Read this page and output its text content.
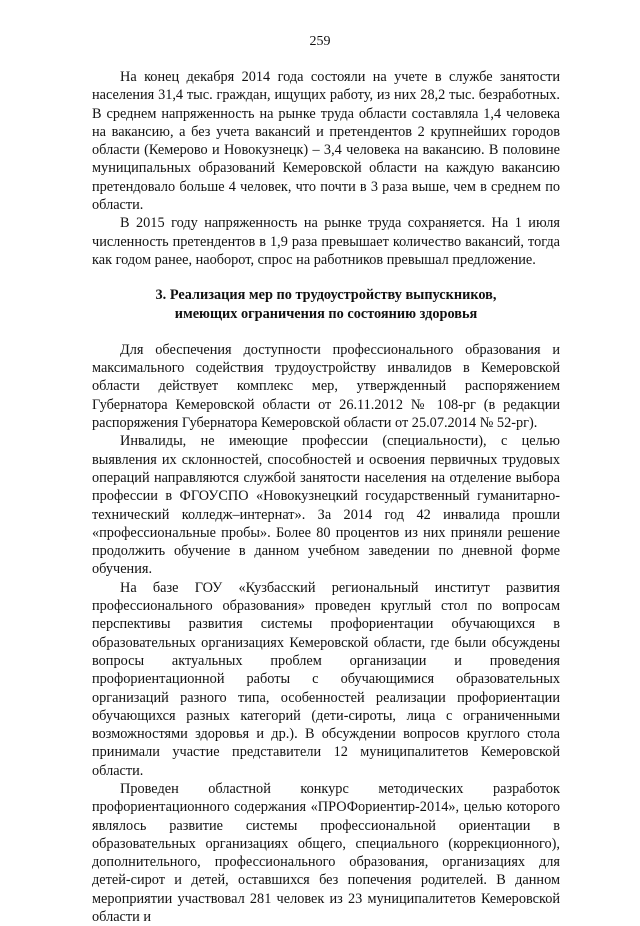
259

На конец декабря 2014 года состояли на учете в службе занятости населения 31,4 тыс. граждан, ищущих работу, из них 28,2 тыс. безработных. В среднем напряженность на рынке труда области составляла 1,4 человека на вакансию, а без учета вакансий и претендентов 2 крупнейших городов области (Кемерово и Новокузнецк) – 3,4 человека на вакансию. В половине муниципальных образований Кемеровской области на каждую вакансию претендовало больше 4 человек, что почти в 3 раза выше, чем в среднем по области.

В 2015 году напряженность на рынке труда сохраняется. На 1 июля численность претендентов в 1,9 раза превышает количество вакансий, тогда как годом ранее, наоборот, спрос на работников превышал предложение.

3. Реализация мер по трудоустройству выпускников,
имеющих ограничения по состоянию здоровья

Для обеспечения доступности профессионального образования и максимального содействия трудоустройству инвалидов в Кемеровской области действует комплекс мер, утвержденный распоряжением Губернатора Кемеровской области от 26.11.2012 № 108-рг (в редакции распоряжения Губернатора Кемеровской области от 25.07.2014 № 52-рг).

Инвалиды, не имеющие профессии (специальности), с целью выявления их склонностей, способностей и освоения первичных трудовых операций направляются службой занятости населения на отделение выбора профессии в ФГОУСПО «Новокузнецкий государственный гуманитарно-технический колледж–интернат». За 2014 год 42 инвалида прошли «профессиональные пробы». Более 80 процентов из них приняли решение продолжить обучение в данном учебном заведении по дневной форме обучения.

На базе ГОУ «Кузбасский региональный институт развития профессионального образования» проведен круглый стол по вопросам перспективы развития системы профориентации обучающихся в образовательных организациях Кемеровской области, где были обсуждены вопросы актуальных проблем организации и проведения профориентационной работы с обучающимися образовательных организаций разного типа, особенностей реализации профориентации обучающихся разных категорий (дети-сироты, лица с ограниченными возможностями здоровья и др.). В обсуждении вопросов круглого стола принимали участие представители 12 муниципалитетов Кемеровской области.

Проведен областной конкурс методических разработок профориентационного содержания «ПРОФориентир-2014», целью которого являлось развитие системы профессиональной ориентации в образовательных организациях общего, специального (коррекционного), дополнительного, профессионального образования, организациях для детей-сирот и детей, оставшихся без попечения родителей. В данном мероприятии участвовал 281 человек из 23 муниципалитетов Кемеровской области и
